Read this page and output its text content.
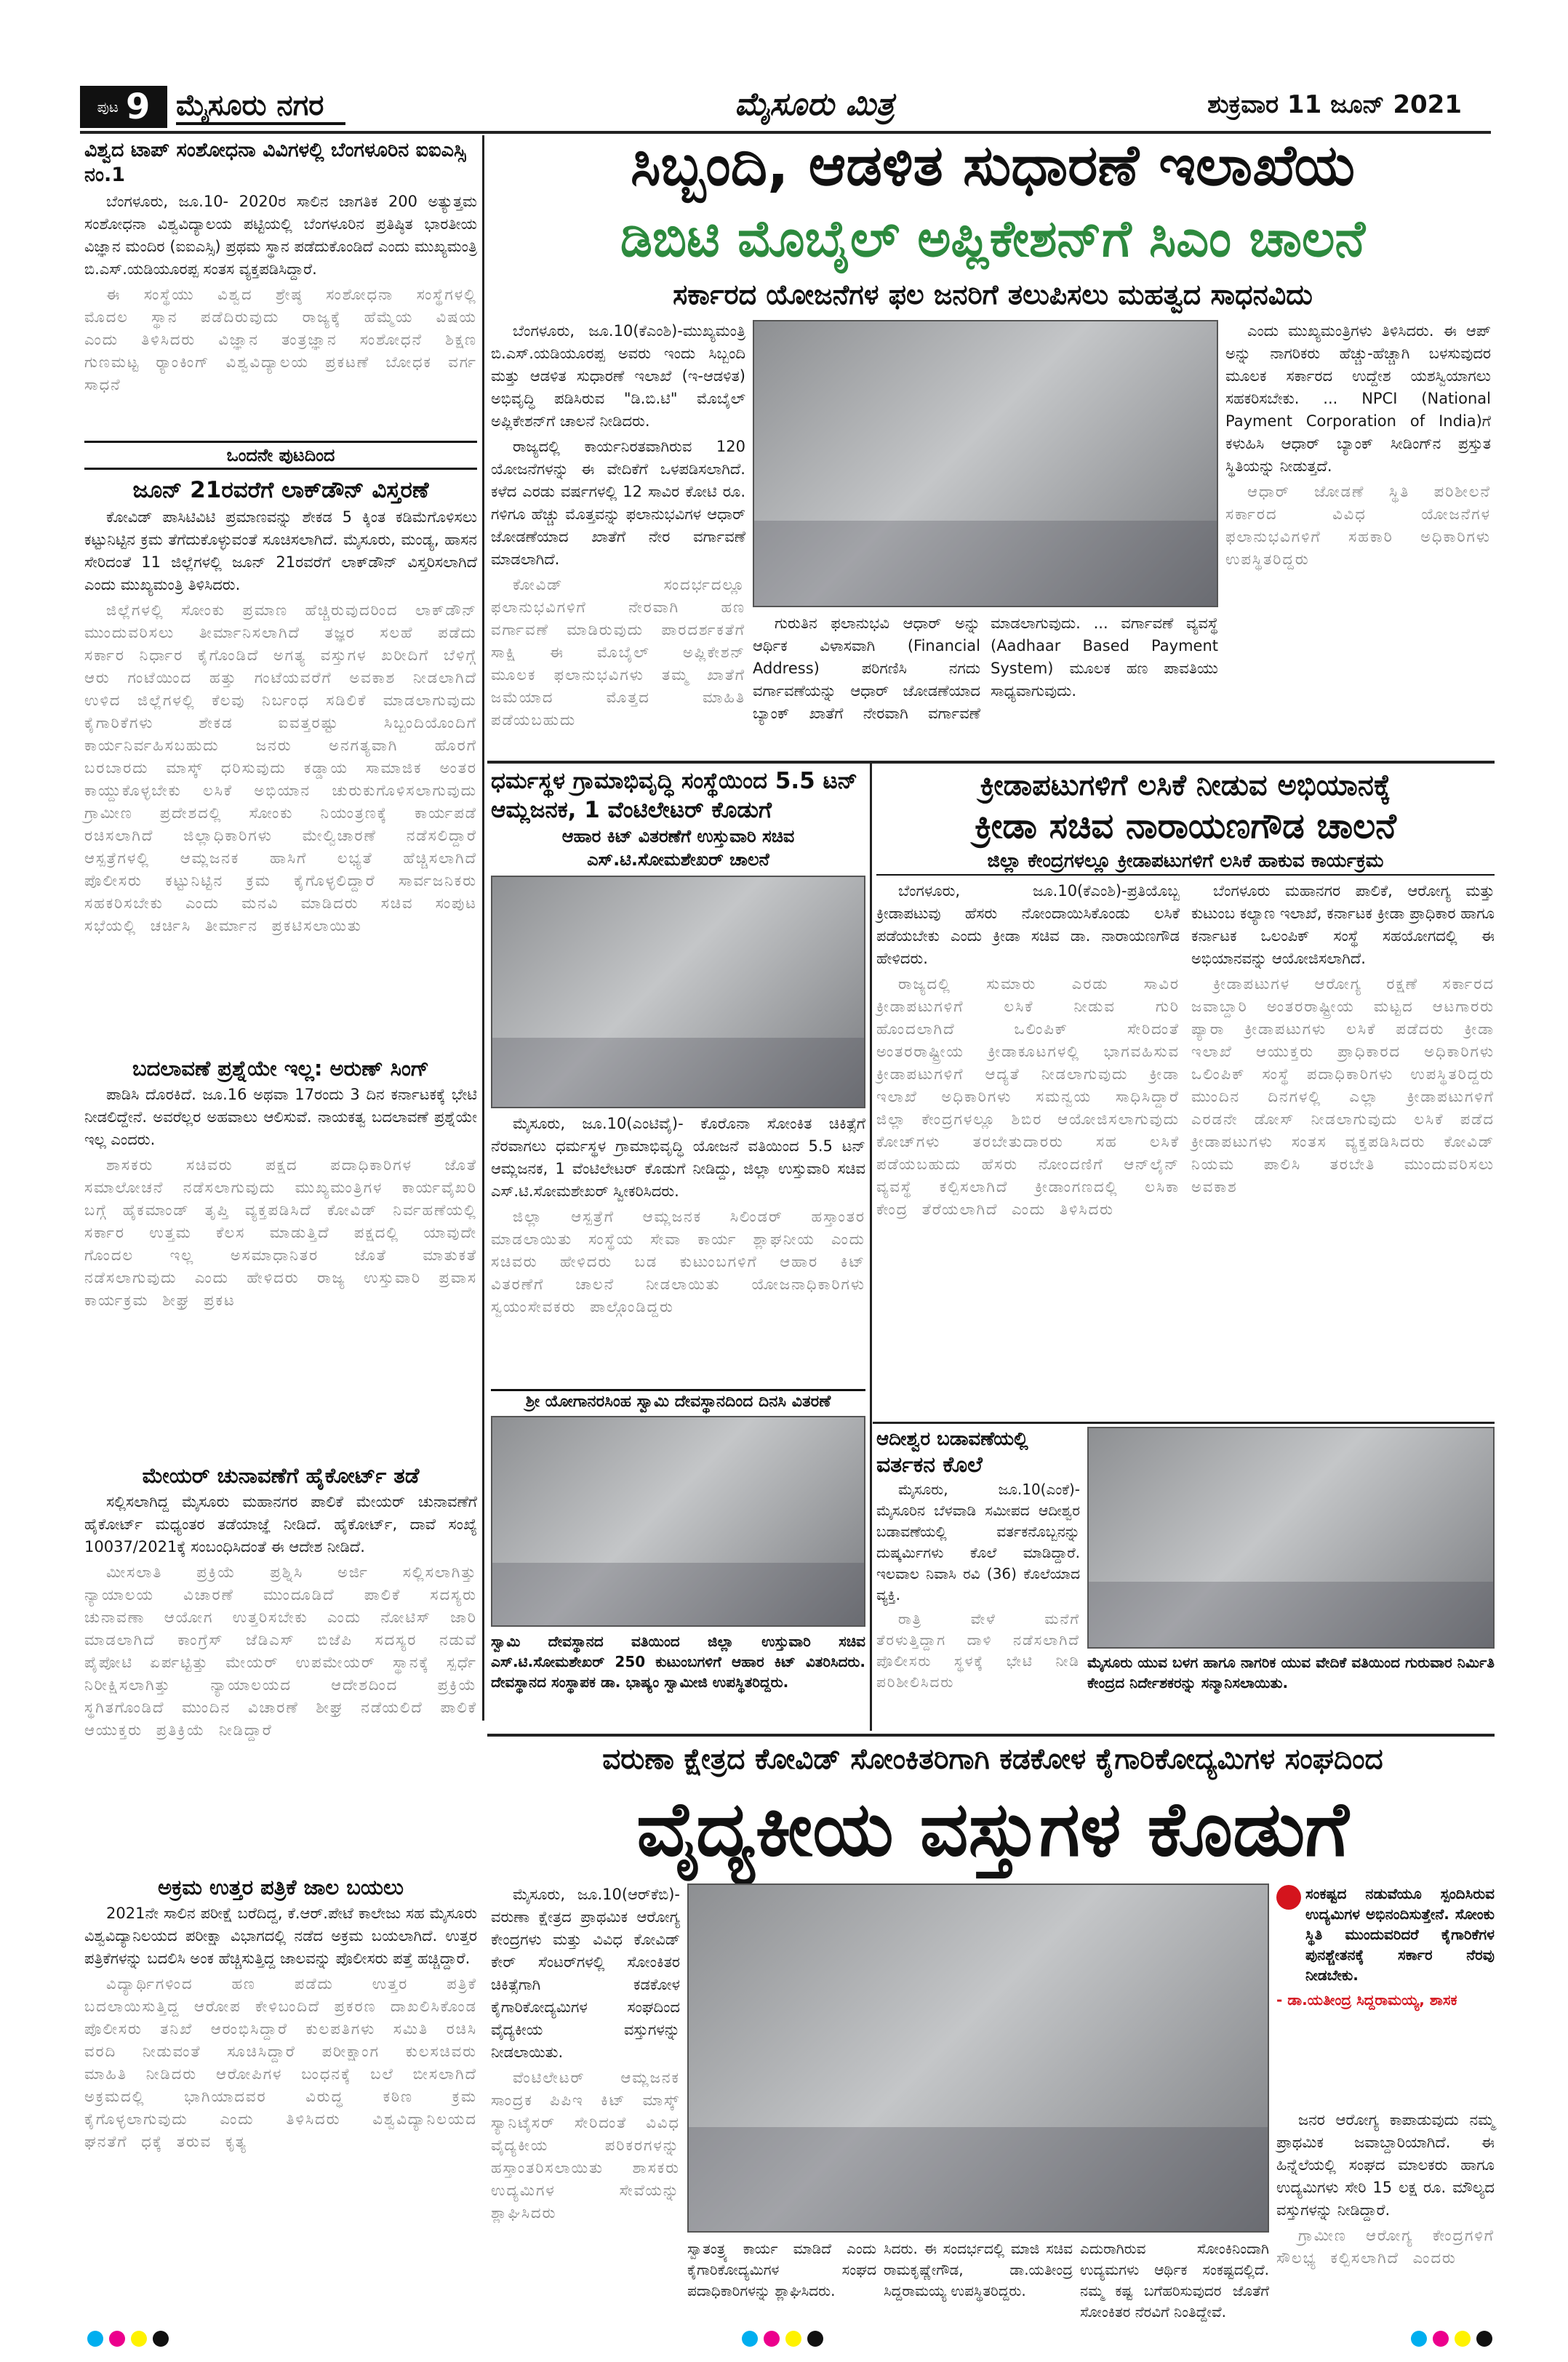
ಪುಟ 9 ಮೈಸೂರು ನಗರ	ಮೈಸೂರು ಮಿತ್ರ	ಶುಕ್ರವಾರ 11 ಜೂನ್ 2021
ವಿಶ್ವದ ಟಾಪ್ ಸಂಶೋಧನಾ ವಿವಿಗಳಲ್ಲಿ ಬೆಂಗಳೂರಿನ ಐಐಎಸ್ಸಿ ನಂ.1

ಬೆಂಗಳೂರು, ಜೂ.10- 2020ರ ಸಾಲಿನ ಜಾಗತಿಕ 200 ಅತ್ಯುತ್ತಮ ಸಂಶೋಧನಾ ವಿಶ್ವವಿದ್ಯಾಲಯ ಪಟ್ಟಿಯಲ್ಲಿ ಬೆಂಗಳೂರಿನ ಪ್ರತಿಷ್ಠಿತ ಭಾರತೀಯ ವಿಜ್ಞಾನ ಮಂದಿರ (ಐಐಎಸ್ಸಿ) ಪ್ರಥಮ ಸ್ಥಾನ ಪಡೆದುಕೊಂಡಿದೆ ಎಂದು ಮುಖ್ಯಮಂತ್ರಿ ಬಿ.ಎಸ್.ಯಡಿಯೂರಪ್ಪ ಸಂತಸ ವ್ಯಕ್ತಪಡಿಸಿದ್ದಾರೆ.

ಈ ಸಂಸ್ಥೆಯು ವಿಶ್ವದ ಶ್ರೇಷ್ಠ ಸಂಶೋಧನಾ ಸಂಸ್ಥೆಗಳಲ್ಲಿ ಮೊದಲ ಸ್ಥಾನ ಪಡೆದಿರುವುದು ರಾಜ್ಯಕ್ಕೆ ಹೆಮ್ಮೆಯ ವಿಷಯ ಎಂದು ತಿಳಿಸಿದರು ವಿಜ್ಞಾನ ತಂತ್ರಜ್ಞಾನ ಸಂಶೋಧನೆ ಶಿಕ್ಷಣ ಗುಣಮಟ್ಟ ರ‍್ಯಾಂಕಿಂಗ್ ವಿಶ್ವವಿದ್ಯಾಲಯ ಪ್ರಕಟಣೆ ಬೋಧಕ ವರ್ಗ ಸಾಧನೆ

ಒಂದನೇ ಪುಟದಿಂದ
ಜೂನ್ 21ರವರೆಗೆ ಲಾಕ್‌ಡೌನ್ ವಿಸ್ತರಣೆ

ಕೋವಿಡ್ ಪಾಸಿಟಿವಿಟಿ ಪ್ರಮಾಣವನ್ನು ಶೇಕಡ 5 ಕ್ಕಿಂತ ಕಡಿಮೆಗೊಳಿಸಲು ಕಟ್ಟುನಿಟ್ಟಿನ ಕ್ರಮ ತೆಗೆದುಕೊಳ್ಳುವಂತೆ ಸೂಚಿಸಲಾಗಿದೆ. ಮೈಸೂರು, ಮಂಡ್ಯ, ಹಾಸನ ಸೇರಿದಂತೆ 11 ಜಿಲ್ಲೆಗಳಲ್ಲಿ ಜೂನ್ 21ರವರೆಗೆ ಲಾಕ್‌ಡೌನ್ ವಿಸ್ತರಿಸಲಾಗಿದೆ ಎಂದು ಮುಖ್ಯಮಂತ್ರಿ ತಿಳಿಸಿದರು.

ಜಿಲ್ಲೆಗಳಲ್ಲಿ ಸೋಂಕು ಪ್ರಮಾಣ ಹೆಚ್ಚಿರುವುದರಿಂದ ಲಾಕ್‌ಡೌನ್ ಮುಂದುವರಿಸಲು ತೀರ್ಮಾನಿಸಲಾಗಿದೆ ತಜ್ಞರ ಸಲಹೆ ಪಡೆದು ಸರ್ಕಾರ ನಿರ್ಧಾರ ಕೈಗೊಂಡಿದೆ ಅಗತ್ಯ ವಸ್ತುಗಳ ಖರೀದಿಗೆ ಬೆಳಿಗ್ಗೆ ಆರು ಗಂಟೆಯಿಂದ ಹತ್ತು ಗಂಟೆಯವರೆಗೆ ಅವಕಾಶ ನೀಡಲಾಗಿದೆ ಉಳಿದ ಜಿಲ್ಲೆಗಳಲ್ಲಿ ಕೆಲವು ನಿರ್ಬಂಧ ಸಡಿಲಿಕೆ ಮಾಡಲಾಗುವುದು ಕೈಗಾರಿಕೆಗಳು ಶೇಕಡ ಐವತ್ತರಷ್ಟು ಸಿಬ್ಬಂದಿಯೊಂದಿಗೆ ಕಾರ್ಯನಿರ್ವಹಿಸಬಹುದು ಜನರು ಅನಗತ್ಯವಾಗಿ ಹೊರಗೆ ಬರಬಾರದು ಮಾಸ್ಕ್ ಧರಿಸುವುದು ಕಡ್ಡಾಯ ಸಾಮಾಜಿಕ ಅಂತರ ಕಾಯ್ದುಕೊಳ್ಳಬೇಕು ಲಸಿಕೆ ಅಭಿಯಾನ ಚುರುಕುಗೊಳಿಸಲಾಗುವುದು ಗ್ರಾಮೀಣ ಪ್ರದೇಶದಲ್ಲಿ ಸೋಂಕು ನಿಯಂತ್ರಣಕ್ಕೆ ಕಾರ್ಯಪಡೆ ರಚಿಸಲಾಗಿದೆ ಜಿಲ್ಲಾಧಿಕಾರಿಗಳು ಮೇಲ್ವಿಚಾರಣೆ ನಡೆಸಲಿದ್ದಾರೆ ಆಸ್ಪತ್ರೆಗಳಲ್ಲಿ ಆಮ್ಲಜನಕ ಹಾಸಿಗೆ ಲಭ್ಯತೆ ಹೆಚ್ಚಿಸಲಾಗಿದೆ ಪೊಲೀಸರು ಕಟ್ಟುನಿಟ್ಟಿನ ಕ್ರಮ ಕೈಗೊಳ್ಳಲಿದ್ದಾರೆ ಸಾರ್ವಜನಿಕರು ಸಹಕರಿಸಬೇಕು ಎಂದು ಮನವಿ ಮಾಡಿದರು ಸಚಿವ ಸಂಪುಟ ಸಭೆಯಲ್ಲಿ ಚರ್ಚಿಸಿ ತೀರ್ಮಾನ ಪ್ರಕಟಿಸಲಾಯಿತು

ಬದಲಾವಣೆ ಪ್ರಶ್ನೆಯೇ ಇಲ್ಲ: ಅರುಣ್ ಸಿಂಗ್

ಪಾಡಿಸಿ ದೊರಕಿದೆ. ಜೂ.16 ಅಥವಾ 17ರಂದು 3 ದಿನ ಕರ್ನಾಟಕಕ್ಕೆ ಭೇಟಿ ನೀಡಲಿದ್ದೇನೆ. ಅವರೆಲ್ಲರ ಅಹವಾಲು ಆಲಿಸುವೆ. ನಾಯಕತ್ವ ಬದಲಾವಣೆ ಪ್ರಶ್ನೆಯೇ ಇಲ್ಲ ಎಂದರು.

ಶಾಸಕರು ಸಚಿವರು ಪಕ್ಷದ ಪದಾಧಿಕಾರಿಗಳ ಜೊತೆ ಸಮಾಲೋಚನೆ ನಡೆಸಲಾಗುವುದು ಮುಖ್ಯಮಂತ್ರಿಗಳ ಕಾರ್ಯವೈಖರಿ ಬಗ್ಗೆ ಹೈಕಮಾಂಡ್ ತೃಪ್ತಿ ವ್ಯಕ್ತಪಡಿಸಿದೆ ಕೋವಿಡ್ ನಿರ್ವಹಣೆಯಲ್ಲಿ ಸರ್ಕಾರ ಉತ್ತಮ ಕೆಲಸ ಮಾಡುತ್ತಿದೆ ಪಕ್ಷದಲ್ಲಿ ಯಾವುದೇ ಗೊಂದಲ ಇಲ್ಲ ಅಸಮಾಧಾನಿತರ ಜೊತೆ ಮಾತುಕತೆ ನಡೆಸಲಾಗುವುದು ಎಂದು ಹೇಳಿದರು ರಾಜ್ಯ ಉಸ್ತುವಾರಿ ಪ್ರವಾಸ ಕಾರ್ಯಕ್ರಮ ಶೀಘ್ರ ಪ್ರಕಟ

ಮೇಯರ್ ಚುನಾವಣೆಗೆ ಹೈಕೋರ್ಟ್ ತಡೆ

ಸಲ್ಲಿಸಲಾಗಿದ್ದ ಮೈಸೂರು ಮಹಾನಗರ ಪಾಲಿಕೆ ಮೇಯರ್ ಚುನಾವಣೆಗೆ ಹೈಕೋರ್ಟ್ ಮಧ್ಯಂತರ ತಡೆಯಾಜ್ಞೆ ನೀಡಿದೆ. ಹೈಕೋರ್ಟ್, ದಾವೆ ಸಂಖ್ಯೆ 10037/2021ಕ್ಕೆ ಸಂಬಂಧಿಸಿದಂತೆ ಈ ಆದೇಶ ನೀಡಿದೆ.

ಮೀಸಲಾತಿ ಪ್ರಕ್ರಿಯೆ ಪ್ರಶ್ನಿಸಿ ಅರ್ಜಿ ಸಲ್ಲಿಸಲಾಗಿತ್ತು ನ್ಯಾಯಾಲಯ ವಿಚಾರಣೆ ಮುಂದೂಡಿದೆ ಪಾಲಿಕೆ ಸದಸ್ಯರು ಚುನಾವಣಾ ಆಯೋಗ ಉತ್ತರಿಸಬೇಕು ಎಂದು ನೋಟಿಸ್ ಜಾರಿ ಮಾಡಲಾಗಿದೆ ಕಾಂಗ್ರೆಸ್ ಜೆಡಿಎಸ್ ಬಿಜೆಪಿ ಸದಸ್ಯರ ನಡುವೆ ಪೈಪೋಟಿ ಏರ್ಪಟ್ಟಿತ್ತು ಮೇಯರ್ ಉಪಮೇಯರ್ ಸ್ಥಾನಕ್ಕೆ ಸ್ಪರ್ಧೆ ನಿರೀಕ್ಷಿಸಲಾಗಿತ್ತು ನ್ಯಾಯಾಲಯದ ಆದೇಶದಿಂದ ಪ್ರಕ್ರಿಯೆ ಸ್ಥಗಿತಗೊಂಡಿದೆ ಮುಂದಿನ ವಿಚಾರಣೆ ಶೀಘ್ರ ನಡೆಯಲಿದೆ ಪಾಲಿಕೆ ಆಯುಕ್ತರು ಪ್ರತಿಕ್ರಿಯೆ ನೀಡಿದ್ದಾರೆ

ಅಕ್ರಮ ಉತ್ತರ ಪತ್ರಿಕೆ ಜಾಲ ಬಯಲು

2021ನೇ ಸಾಲಿನ ಪರೀಕ್ಷೆ ಬರೆದಿದ್ದ, ಕೆ.ಆರ್.ಪೇಟೆ ಕಾಲೇಜು ಸಹ ಮೈಸೂರು ವಿಶ್ವವಿದ್ಯಾನಿಲಯದ ಪರೀಕ್ಷಾ ವಿಭಾಗದಲ್ಲಿ ನಡೆದ ಅಕ್ರಮ ಬಯಲಾಗಿದೆ. ಉತ್ತರ ಪತ್ರಿಕೆಗಳನ್ನು ಬದಲಿಸಿ ಅಂಕ ಹೆಚ್ಚಿಸುತ್ತಿದ್ದ ಜಾಲವನ್ನು ಪೊಲೀಸರು ಪತ್ತೆ ಹಚ್ಚಿದ್ದಾರೆ.

ವಿದ್ಯಾರ್ಥಿಗಳಿಂದ ಹಣ ಪಡೆದು ಉತ್ತರ ಪತ್ರಿಕೆ ಬದಲಾಯಿಸುತ್ತಿದ್ದ ಆರೋಪ ಕೇಳಿಬಂದಿದೆ ಪ್ರಕರಣ ದಾಖಲಿಸಿಕೊಂಡ ಪೊಲೀಸರು ತನಿಖೆ ಆರಂಭಿಸಿದ್ದಾರೆ ಕುಲಪತಿಗಳು ಸಮಿತಿ ರಚಿಸಿ ವರದಿ ನೀಡುವಂತೆ ಸೂಚಿಸಿದ್ದಾರೆ ಪರೀಕ್ಷಾಂಗ ಕುಲಸಚಿವರು ಮಾಹಿತಿ ನೀಡಿದರು ಆರೋಪಿಗಳ ಬಂಧನಕ್ಕೆ ಬಲೆ ಬೀಸಲಾಗಿದೆ ಅಕ್ರಮದಲ್ಲಿ ಭಾಗಿಯಾದವರ ವಿರುದ್ಧ ಕಠಿಣ ಕ್ರಮ ಕೈಗೊಳ್ಳಲಾಗುವುದು ಎಂದು ತಿಳಿಸಿದರು ವಿಶ್ವವಿದ್ಯಾನಿಲಯದ ಘನತೆಗೆ ಧಕ್ಕೆ ತರುವ ಕೃತ್ಯ

ಸಿಬ್ಬಂದಿ, ಆಡಳಿತ ಸುಧಾರಣೆ ಇಲಾಖೆಯ
ಡಿಬಿಟಿ ಮೊಬೈಲ್ ಅಪ್ಲಿಕೇಶನ್‌ಗೆ ಸಿಎಂ ಚಾಲನೆ
ಸರ್ಕಾರದ ಯೋಜನೆಗಳ ಫಲ ಜನರಿಗೆ ತಲುಪಿಸಲು ಮಹತ್ವದ ಸಾಧನವಿದು

ಬೆಂಗಳೂರು, ಜೂ.10(ಕೆಎಂಶಿ)-ಮುಖ್ಯಮಂತ್ರಿ ಬಿ.ಎಸ್.ಯಡಿಯೂರಪ್ಪ ಅವರು ಇಂದು ಸಿಬ್ಬಂದಿ ಮತ್ತು ಆಡಳಿತ ಸುಧಾರಣೆ ಇಲಾಖೆ (ಇ-ಆಡಳಿತ) ಅಭಿವೃದ್ಧಿ ಪಡಿಸಿರುವ "ಡಿ.ಬಿ.ಟಿ" ಮೊಬೈಲ್ ಅಪ್ಲಿಕೇಶನ್‌ಗೆ ಚಾಲನೆ ನೀಡಿದರು.

ರಾಜ್ಯದಲ್ಲಿ ಕಾರ್ಯನಿರತವಾಗಿರುವ 120 ಯೋಜನೆಗಳನ್ನು ಈ ವೇದಿಕೆಗೆ ಒಳಪಡಿಸಲಾಗಿದೆ. ಕಳೆದ ಎರಡು ವರ್ಷಗಳಲ್ಲಿ 12 ಸಾವಿರ ಕೋಟಿ ರೂ. ಗಳಿಗೂ ಹೆಚ್ಚು ಮೊತ್ತವನ್ನು ಫಲಾನುಭವಿಗಳ ಆಧಾರ್ ಜೋಡಣೆಯಾದ ಖಾತೆಗೆ ನೇರ ವರ್ಗಾವಣೆ ಮಾಡಲಾಗಿದೆ.

ಕೋವಿಡ್ ಸಂದರ್ಭದಲ್ಲೂ ಫಲಾನುಭವಿಗಳಿಗೆ ನೇರವಾಗಿ ಹಣ ವರ್ಗಾವಣೆ ಮಾಡಿರುವುದು ಪಾರದರ್ಶಕತೆಗೆ ಸಾಕ್ಷಿ ಈ ಮೊಬೈಲ್ ಅಪ್ಲಿಕೇಶನ್ ಮೂಲಕ ಫಲಾನುಭವಿಗಳು ತಮ್ಮ ಖಾತೆಗೆ ಜಮೆಯಾದ ಮೊತ್ತದ ಮಾಹಿತಿ ಪಡೆಯಬಹುದು

ಎಂದು ಮುಖ್ಯಮಂತ್ರಿಗಳು ತಿಳಿಸಿದರು. ಈ ಆಪ್ ಅನ್ನು ನಾಗರಿಕರು ಹೆಚ್ಚು-ಹೆಚ್ಚಾಗಿ ಬಳಸುವುದರ ಮೂಲಕ ಸರ್ಕಾರದ ಉದ್ದೇಶ ಯಶಸ್ವಿಯಾಗಲು ಸಹಕರಿಸಬೇಕು. ... NPCI (National Payment Corporation of India)ಗೆ ಕಳುಹಿಸಿ ಆಧಾರ್ ಬ್ಯಾಂಕ್ ಸೀಡಿಂಗ್‌ನ ಪ್ರಸ್ತುತ ಸ್ಥಿತಿಯನ್ನು ನೀಡುತ್ತದೆ.

ಆಧಾರ್ ಜೋಡಣೆ ಸ್ಥಿತಿ ಪರಿಶೀಲನೆ ಸರ್ಕಾರದ ವಿವಿಧ ಯೋಜನೆಗಳ ಫಲಾನುಭವಿಗಳಿಗೆ ಸಹಕಾರಿ ಅಧಿಕಾರಿಗಳು ಉಪಸ್ಥಿತರಿದ್ದರು

ಗುರುತಿನ ಫಲಾನುಭವಿ ಆಧಾರ್ ಅನ್ನು ಆರ್ಥಿಕ ವಿಳಾಸವಾಗಿ (Financial Address) ಪರಿಗಣಿಸಿ ನಗದು ವರ್ಗಾವಣೆಯನ್ನು ಆಧಾರ್ ಜೋಡಣೆಯಾದ ಬ್ಯಾಂಕ್ ಖಾತೆಗೆ ನೇರವಾಗಿ ವರ್ಗಾವಣೆ ಮಾಡಲಾಗುವುದು. ... ವರ್ಗಾವಣೆ ವ್ಯವಸ್ಥೆ (Aadhaar Based Payment System) ಮೂಲಕ ಹಣ ಪಾವತಿಯು ಸಾಧ್ಯವಾಗುವುದು.

ಧರ್ಮಸ್ಥಳ ಗ್ರಾಮಾಭಿವೃದ್ಧಿ ಸಂಸ್ಥೆಯಿಂದ 5.5 ಟನ್ ಆಮ್ಲಜನಕ, 1 ವೆಂಟಿಲೇಟರ್ ಕೊಡುಗೆ
ಆಹಾರ ಕಿಟ್ ವಿತರಣೆಗೆ ಉಸ್ತುವಾರಿ ಸಚಿವ
ಎಸ್.ಟಿ.ಸೋಮಶೇಖರ್ ಚಾಲನೆ

ಮೈಸೂರು, ಜೂ.10(ಎಂಟಿವೈ)- ಕೊರೊನಾ ಸೋಂಕಿತ ಚಿಕಿತ್ಸೆಗೆ ನೆರವಾಗಲು ಧರ್ಮಸ್ಥಳ ಗ್ರಾಮಾಭಿವೃದ್ಧಿ ಯೋಜನೆ ವತಿಯಿಂದ 5.5 ಟನ್ ಆಮ್ಲಜನಕ, 1 ವೆಂಟಿಲೇಟರ್ ಕೊಡುಗೆ ನೀಡಿದ್ದು, ಜಿಲ್ಲಾ ಉಸ್ತುವಾರಿ ಸಚಿವ ಎಸ್.ಟಿ.ಸೋಮಶೇಖರ್ ಸ್ವೀಕರಿಸಿದರು.

ಜಿಲ್ಲಾ ಆಸ್ಪತ್ರೆಗೆ ಆಮ್ಲಜನಕ ಸಿಲಿಂಡರ್ ಹಸ್ತಾಂತರ ಮಾಡಲಾಯಿತು ಸಂಸ್ಥೆಯ ಸೇವಾ ಕಾರ್ಯ ಶ್ಲಾಘನೀಯ ಎಂದು ಸಚಿವರು ಹೇಳಿದರು ಬಡ ಕುಟುಂಬಗಳಿಗೆ ಆಹಾರ ಕಿಟ್ ವಿತರಣೆಗೆ ಚಾಲನೆ ನೀಡಲಾಯಿತು ಯೋಜನಾಧಿಕಾರಿಗಳು ಸ್ವಯಂಸೇವಕರು ಪಾಲ್ಗೊಂಡಿದ್ದರು

ಶ್ರೀ ಯೋಗಾನರಸಿಂಹ ಸ್ವಾಮಿ ದೇವಸ್ಥಾನದಿಂದ ದಿನಸಿ ವಿತರಣೆ
ಸ್ವಾಮಿ ದೇವಸ್ಥಾನದ ವತಿಯಿಂದ ಜಿಲ್ಲಾ ಉಸ್ತುವಾರಿ ಸಚಿವ ಎಸ್.ಟಿ.ಸೋಮಶೇಖರ್ 250 ಕುಟುಂಬಗಳಿಗೆ ಆಹಾರ ಕಿಟ್ ವಿತರಿಸಿದರು. ದೇವಸ್ಥಾನದ ಸಂಸ್ಥಾಪಕ ಡಾ. ಭಾಷ್ಯಂ ಸ್ವಾಮೀಜಿ ಉಪಸ್ಥಿತರಿದ್ದರು.
ಕ್ರೀಡಾಪಟುಗಳಿಗೆ ಲಸಿಕೆ ನೀಡುವ ಅಭಿಯಾನಕ್ಕೆ
ಕ್ರೀಡಾ ಸಚಿವ ನಾರಾಯಣಗೌಡ ಚಾಲನೆ
ಜಿಲ್ಲಾ ಕೇಂದ್ರಗಳಲ್ಲೂ ಕ್ರೀಡಾಪಟುಗಳಿಗೆ ಲಸಿಕೆ ಹಾಕುವ ಕಾರ್ಯಕ್ರಮ

ಬೆಂಗಳೂರು, ಜೂ.10(ಕೆಎಂಶಿ)-ಪ್ರತಿಯೊಬ್ಬ ಕ್ರೀಡಾಪಟುವು ಹೆಸರು ನೋಂದಾಯಿಸಿಕೊಂಡು ಲಸಿಕೆ ಪಡೆಯಬೇಕು ಎಂದು ಕ್ರೀಡಾ ಸಚಿವ ಡಾ. ನಾರಾಯಣಗೌಡ ಹೇಳಿದರು.

ರಾಜ್ಯದಲ್ಲಿ ಸುಮಾರು ಎರಡು ಸಾವಿರ ಕ್ರೀಡಾಪಟುಗಳಿಗೆ ಲಸಿಕೆ ನೀಡುವ ಗುರಿ ಹೊಂದಲಾಗಿದೆ ಒಲಿಂಪಿಕ್ ಸೇರಿದಂತೆ ಅಂತರರಾಷ್ಟ್ರೀಯ ಕ್ರೀಡಾಕೂಟಗಳಲ್ಲಿ ಭಾಗವಹಿಸುವ ಕ್ರೀಡಾಪಟುಗಳಿಗೆ ಆದ್ಯತೆ ನೀಡಲಾಗುವುದು ಕ್ರೀಡಾ ಇಲಾಖೆ ಅಧಿಕಾರಿಗಳು ಸಮನ್ವಯ ಸಾಧಿಸಿದ್ದಾರೆ ಜಿಲ್ಲಾ ಕೇಂದ್ರಗಳಲ್ಲೂ ಶಿಬಿರ ಆಯೋಜಿಸಲಾಗುವುದು ಕೋಚ್‌ಗಳು ತರಬೇತುದಾರರು ಸಹ ಲಸಿಕೆ ಪಡೆಯಬಹುದು ಹೆಸರು ನೋಂದಣಿಗೆ ಆನ್‌ಲೈನ್ ವ್ಯವಸ್ಥೆ ಕಲ್ಪಿಸಲಾಗಿದೆ ಕ್ರೀಡಾಂಗಣದಲ್ಲಿ ಲಸಿಕಾ ಕೇಂದ್ರ ತೆರೆಯಲಾಗಿದೆ ಎಂದು ತಿಳಿಸಿದರು

ಬೆಂಗಳೂರು ಮಹಾನಗರ ಪಾಲಿಕೆ, ಆರೋಗ್ಯ ಮತ್ತು ಕುಟುಂಬ ಕಲ್ಯಾಣ ಇಲಾಖೆ, ಕರ್ನಾಟಕ ಕ್ರೀಡಾ ಪ್ರಾಧಿಕಾರ ಹಾಗೂ ಕರ್ನಾಟಕ ಒಲಂಪಿಕ್ ಸಂಸ್ಥೆ ಸಹಯೋಗದಲ್ಲಿ ಈ ಅಭಿಯಾನವನ್ನು ಆಯೋಜಿಸಲಾಗಿದೆ.

ಕ್ರೀಡಾಪಟುಗಳ ಆರೋಗ್ಯ ರಕ್ಷಣೆ ಸರ್ಕಾರದ ಜವಾಬ್ದಾರಿ ಅಂತರರಾಷ್ಟ್ರೀಯ ಮಟ್ಟದ ಆಟಗಾರರು ಪ್ಯಾರಾ ಕ್ರೀಡಾಪಟುಗಳು ಲಸಿಕೆ ಪಡೆದರು ಕ್ರೀಡಾ ಇಲಾಖೆ ಆಯುಕ್ತರು ಪ್ರಾಧಿಕಾರದ ಅಧಿಕಾರಿಗಳು ಒಲಿಂಪಿಕ್ ಸಂಸ್ಥೆ ಪದಾಧಿಕಾರಿಗಳು ಉಪಸ್ಥಿತರಿದ್ದರು ಮುಂದಿನ ದಿನಗಳಲ್ಲಿ ಎಲ್ಲಾ ಕ್ರೀಡಾಪಟುಗಳಿಗೆ ಎರಡನೇ ಡೋಸ್ ನೀಡಲಾಗುವುದು ಲಸಿಕೆ ಪಡೆದ ಕ್ರೀಡಾಪಟುಗಳು ಸಂತಸ ವ್ಯಕ್ತಪಡಿಸಿದರು ಕೋವಿಡ್ ನಿಯಮ ಪಾಲಿಸಿ ತರಬೇತಿ ಮುಂದುವರಿಸಲು ಅವಕಾಶ

ಆದೀಶ್ವರ ಬಡಾವಣೆಯಲ್ಲಿ
ವರ್ತಕನ ಕೊಲೆ

ಮೈಸೂರು, ಜೂ.10(ಎಂಕೆ)- ಮೈಸೂರಿನ ಬೆಳವಾಡಿ ಸಮೀಪದ ಆದೀಶ್ವರ ಬಡಾವಣೆಯಲ್ಲಿ ವರ್ತಕನೊಬ್ಬನನ್ನು ದುಷ್ಕರ್ಮಿಗಳು ಕೊಲೆ ಮಾಡಿದ್ದಾರೆ. ಇಲವಾಲ ನಿವಾಸಿ ರವಿ (36) ಕೊಲೆಯಾದ ವ್ಯಕ್ತಿ.

ರಾತ್ರಿ ವೇಳೆ ಮನೆಗೆ ತೆರಳುತ್ತಿದ್ದಾಗ ದಾಳಿ ನಡೆಸಲಾಗಿದೆ ಪೊಲೀಸರು ಸ್ಥಳಕ್ಕೆ ಭೇಟಿ ನೀಡಿ ಪರಿಶೀಲಿಸಿದರು

ಮೈಸೂರು ಯುವ ಬಳಗ ಹಾಗೂ ನಾಗರಿಕ ಯುವ ವೇದಿಕೆ ವತಿಯಿಂದ ಗುರುವಾರ ನಿರ್ಮಿತಿ ಕೇಂದ್ರದ ನಿರ್ದೇಶಕರನ್ನು ಸನ್ಮಾನಿಸಲಾಯಿತು.
ವರುಣಾ ಕ್ಷೇತ್ರದ ಕೋವಿಡ್ ಸೋಂಕಿತರಿಗಾಗಿ ಕಡಕೋಳ ಕೈಗಾರಿಕೋದ್ಯಮಿಗಳ ಸಂಘದಿಂದ
ವೈದ್ಯಕೀಯ ವಸ್ತುಗಳ ಕೊಡುಗೆ

ಮೈಸೂರು, ಜೂ.10(ಆರ್‌ಕೆಬಿ)- ವರುಣಾ ಕ್ಷೇತ್ರದ ಪ್ರಾಥಮಿಕ ಆರೋಗ್ಯ ಕೇಂದ್ರಗಳು ಮತ್ತು ವಿವಿಧ ಕೋವಿಡ್ ಕೇರ್ ಸೆಂಟರ್‌ಗಳಲ್ಲಿ ಸೋಂಕಿತರ ಚಿಕಿತ್ಸೆಗಾಗಿ ಕಡಕೋಳ ಕೈಗಾರಿಕೋದ್ಯಮಿಗಳ ಸಂಘದಿಂದ ವೈದ್ಯಕೀಯ ವಸ್ತುಗಳನ್ನು ನೀಡಲಾಯಿತು.

ವೆಂಟಿಲೇಟರ್ ಆಮ್ಲಜನಕ ಸಾಂದ್ರಕ ಪಿಪಿಇ ಕಿಟ್ ಮಾಸ್ಕ್ ಸ್ಯಾನಿಟೈಸರ್ ಸೇರಿದಂತೆ ವಿವಿಧ ವೈದ್ಯಕೀಯ ಪರಿಕರಗಳನ್ನು ಹಸ್ತಾಂತರಿಸಲಾಯಿತು ಶಾಸಕರು ಉದ್ಯಮಿಗಳ ಸೇವೆಯನ್ನು ಶ್ಲಾಘಿಸಿದರು

ಸಂಕಷ್ಟದ ನಡುವೆಯೂ ಸ್ಪಂದಿಸಿರುವ ಉದ್ಯಮಿಗಳ ಅಭಿನಂದಿಸುತ್ತೇನೆ. ಸೋಂಕು ಸ್ಥಿತಿ ಮುಂದುವರಿದರೆ ಕೈಗಾರಿಕೆಗಳ ಪುನಶ್ಚೇತನಕ್ಕೆ ಸರ್ಕಾರ ನೆರವು ನೀಡಬೇಕು.
- ಡಾ.ಯತೀಂದ್ರ ಸಿದ್ದರಾಮಯ್ಯ, ಶಾಸಕ

ಜನರ ಆರೋಗ್ಯ ಕಾಪಾಡುವುದು ನಮ್ಮ ಪ್ರಾಥಮಿಕ ಜವಾಬ್ದಾರಿಯಾಗಿದೆ. ಈ ಹಿನ್ನೆಲೆಯಲ್ಲಿ ಸಂಘದ ಮಾಲಕರು ಹಾಗೂ ಉದ್ಯಮಿಗಳು ಸೇರಿ 15 ಲಕ್ಷ ರೂ. ಮೌಲ್ಯದ ವಸ್ತುಗಳನ್ನು ನೀಡಿದ್ದಾರೆ.

ಗ್ರಾಮೀಣ ಆರೋಗ್ಯ ಕೇಂದ್ರಗಳಿಗೆ ಸೌಲಭ್ಯ ಕಲ್ಪಿಸಲಾಗಿದೆ ಎಂದರು

ಸ್ವಾತಂತ್ರ್ಯ ಕಾರ್ಯ ಮಾಡಿದೆ ಎಂದು ಕೈಗಾರಿಕೋದ್ಯಮಿಗಳ ಸಂಘದ ಪದಾಧಿಕಾರಿಗಳನ್ನು ಶ್ಲಾಘಿಸಿದರು.
ಸಿದರು. ಈ ಸಂದರ್ಭದಲ್ಲಿ ಮಾಜಿ ಸಚಿವ ರಾಮಕೃಷ್ಣೇಗೌಡ, ಡಾ.ಯತೀಂದ್ರ ಸಿದ್ದರಾಮಯ್ಯ ಉಪಸ್ಥಿತರಿದ್ದರು.
ಎದುರಾಗಿರುವ ಸೋಂಕಿನಿಂದಾಗಿ ಉದ್ಯಮಗಳು ಆರ್ಥಿಕ ಸಂಕಷ್ಟದಲ್ಲಿದೆ. ನಮ್ಮ ಕಷ್ಟ ಬಗೆಹರಿಸುವುದರ ಜೊತೆಗೆ ಸೋಂಕಿತರ ನೆರವಿಗೆ ನಿಂತಿದ್ದೇವೆ.
